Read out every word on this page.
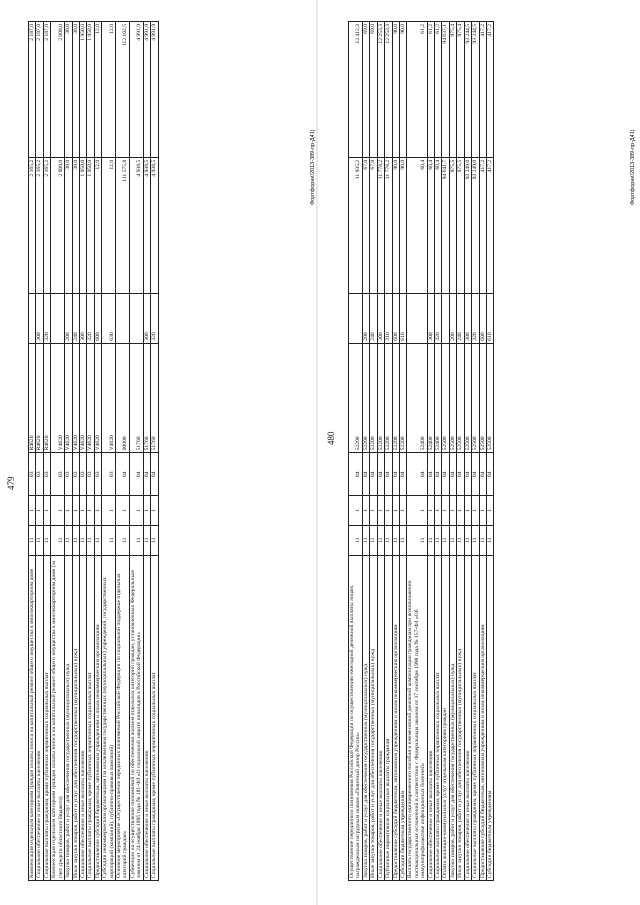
479
Компенсация отдельным категориям граждан оплаты взноса на капитальный ремонт общего имущества в многоквартирном доме	11	1	03	R4620		2 165,2	2 187,0
Социальное обеспечение и иные выплаты населению	11	1	03	R4620	300	2 165,2	2 187,0
Социальные выплаты гражданам, кроме публичных нормативных социальных выплат	11	1	03	R4620	320	2 165,2	2 187,0
Компенсация отдельным категориям граждан оплаты взноса на капитальный ремонт общего имущества в многоквартирном доме (за счет средств областного бюджета)	11	1	03	V4620		2 008,0	2 008,0
Закупка товаров, работ и услуг для обеспечения государственных (муниципальных) нужд	11	1	03	V4620	200	38,0	38,0
Иные закупки товаров, работ и услуг для обеспечения государственных (муниципальных) нужд	11	1	03	V4620	240	38,0	38,0
Социальное обеспечение и иные выплаты населению	11	1	03	V4620	300	1 958,0	1 958,0
Социальные выплаты гражданам, кроме публичных нормативных социальных выплат	11	1	03	V4620	320	1 958,0	1 958,0
Предоставление субсидий бюджетным, автономным учреждениям и иным некоммерческим организациям	11	1	03	V4620	600	12,0	12,0
Субсидии некоммерческим организациям (за исключением государственных (муниципальных) учреждений, государственных корпораций (компаний), публично-правовых компаний)	11	1	03	V4620	630	12,0	12,0
Основное мероприятие «Осуществление переданных полномочий Российской Федерации по социальной поддержке отдельных категорий граждан»	11	1	04	00000		111 575,8	112 102,5
Субвенции на осуществление полномочий по обеспечению жильем отдельных категорий граждан, установленных Федеральным законом от 24 ноября 1995 года № 181-ФЗ «О социальной защите инвалидов в Российской Федерации»	11	1	04	51760		4 938,5	4 991,9
Социальное обеспечение и иные выплаты населению	11	1	04	51760	300	4 938,5	4 991,9
Социальные выплаты гражданам, кроме публичных нормативных социальных выплат	11	1	04	51760	320	4 938,5	4 991,9
Фортфорни/2013-389-пр-Д41)
480
Осуществление переданного полномочия Российской Федерации по осуществлению ежегодной денежной выплаты лицам, награжденным нагрудным знаком «Почетный донор России»	11	1	04	52200		11 935,2	12 412,3
Закупка товаров, работ и услуг для обеспечения государственных (муниципальных) нужд	11	1	04	52200	200	67,0	69,0
Иные закупки товаров, работ и услуг для обеспечения государственных (муниципальных) нужд	11	1	04	52200	240	67,0	69,0
Социальное обеспечение и иные выплаты населению	11	1	04	52200	300	11 778,2	12 253,3
Публичные нормативные социальные выплаты гражданам	11	1	04	52200	310	11 778,2	12 253,3
Предоставление субсидий бюджетным, автономным учреждениям и иным некоммерческим организациям	11	1	04	52200	600	90,0	90,0
Субсидии бюджетным учреждениям	11	1	04	52200	610	90,0	90,0
Выплата государственного единовременного пособия и ежемесячной денежной компенсации гражданам при возникновении поствакцинальных осложнений в соответствии с Федеральным законом от 17 сентября 1998 года № 157-ФЗ «Об иммунопрофилактике инфекционных болезней»	11	1	04	52400		60,4	61,2
Социальное обеспечение и иные выплаты населению	11	1	04	52400	300	60,4	61,2
Социальные выплаты гражданам, кроме публичных нормативных социальных выплат	11	1	04	52400	320	60,4	61,2
Оплата жилищно-коммунальных услуг отдельным категориям граждан	11	1	04	52500		94 641,7	94 637,1
Закупка товаров, работ и услуг для обеспечения государственных (муниципальных) нужд	11	1	04	52500	200	975,5	975,4
Иные закупки товаров, работ и услуг для обеспечения государственных (муниципальных) нужд	11	1	04	52500	240	975,5	975,4
Социальное обеспечение и иные выплаты населению	11	1	04	52500	300	93 249,0	93 244,5
Социальные выплаты гражданам, кроме публичных нормативных социальных выплат	11	1	04	52500	320	93 249,0	93 244,5
Предоставление субсидий бюджетным, автономным учреждениям и иным некоммерческим организациям	11	1	04	52500	600	417,2	417,2
Субсидии бюджетным учреждениям	11	1	04	52500	610	417,2	417,2
Фортфорни/2013-389-пр-Д41)
